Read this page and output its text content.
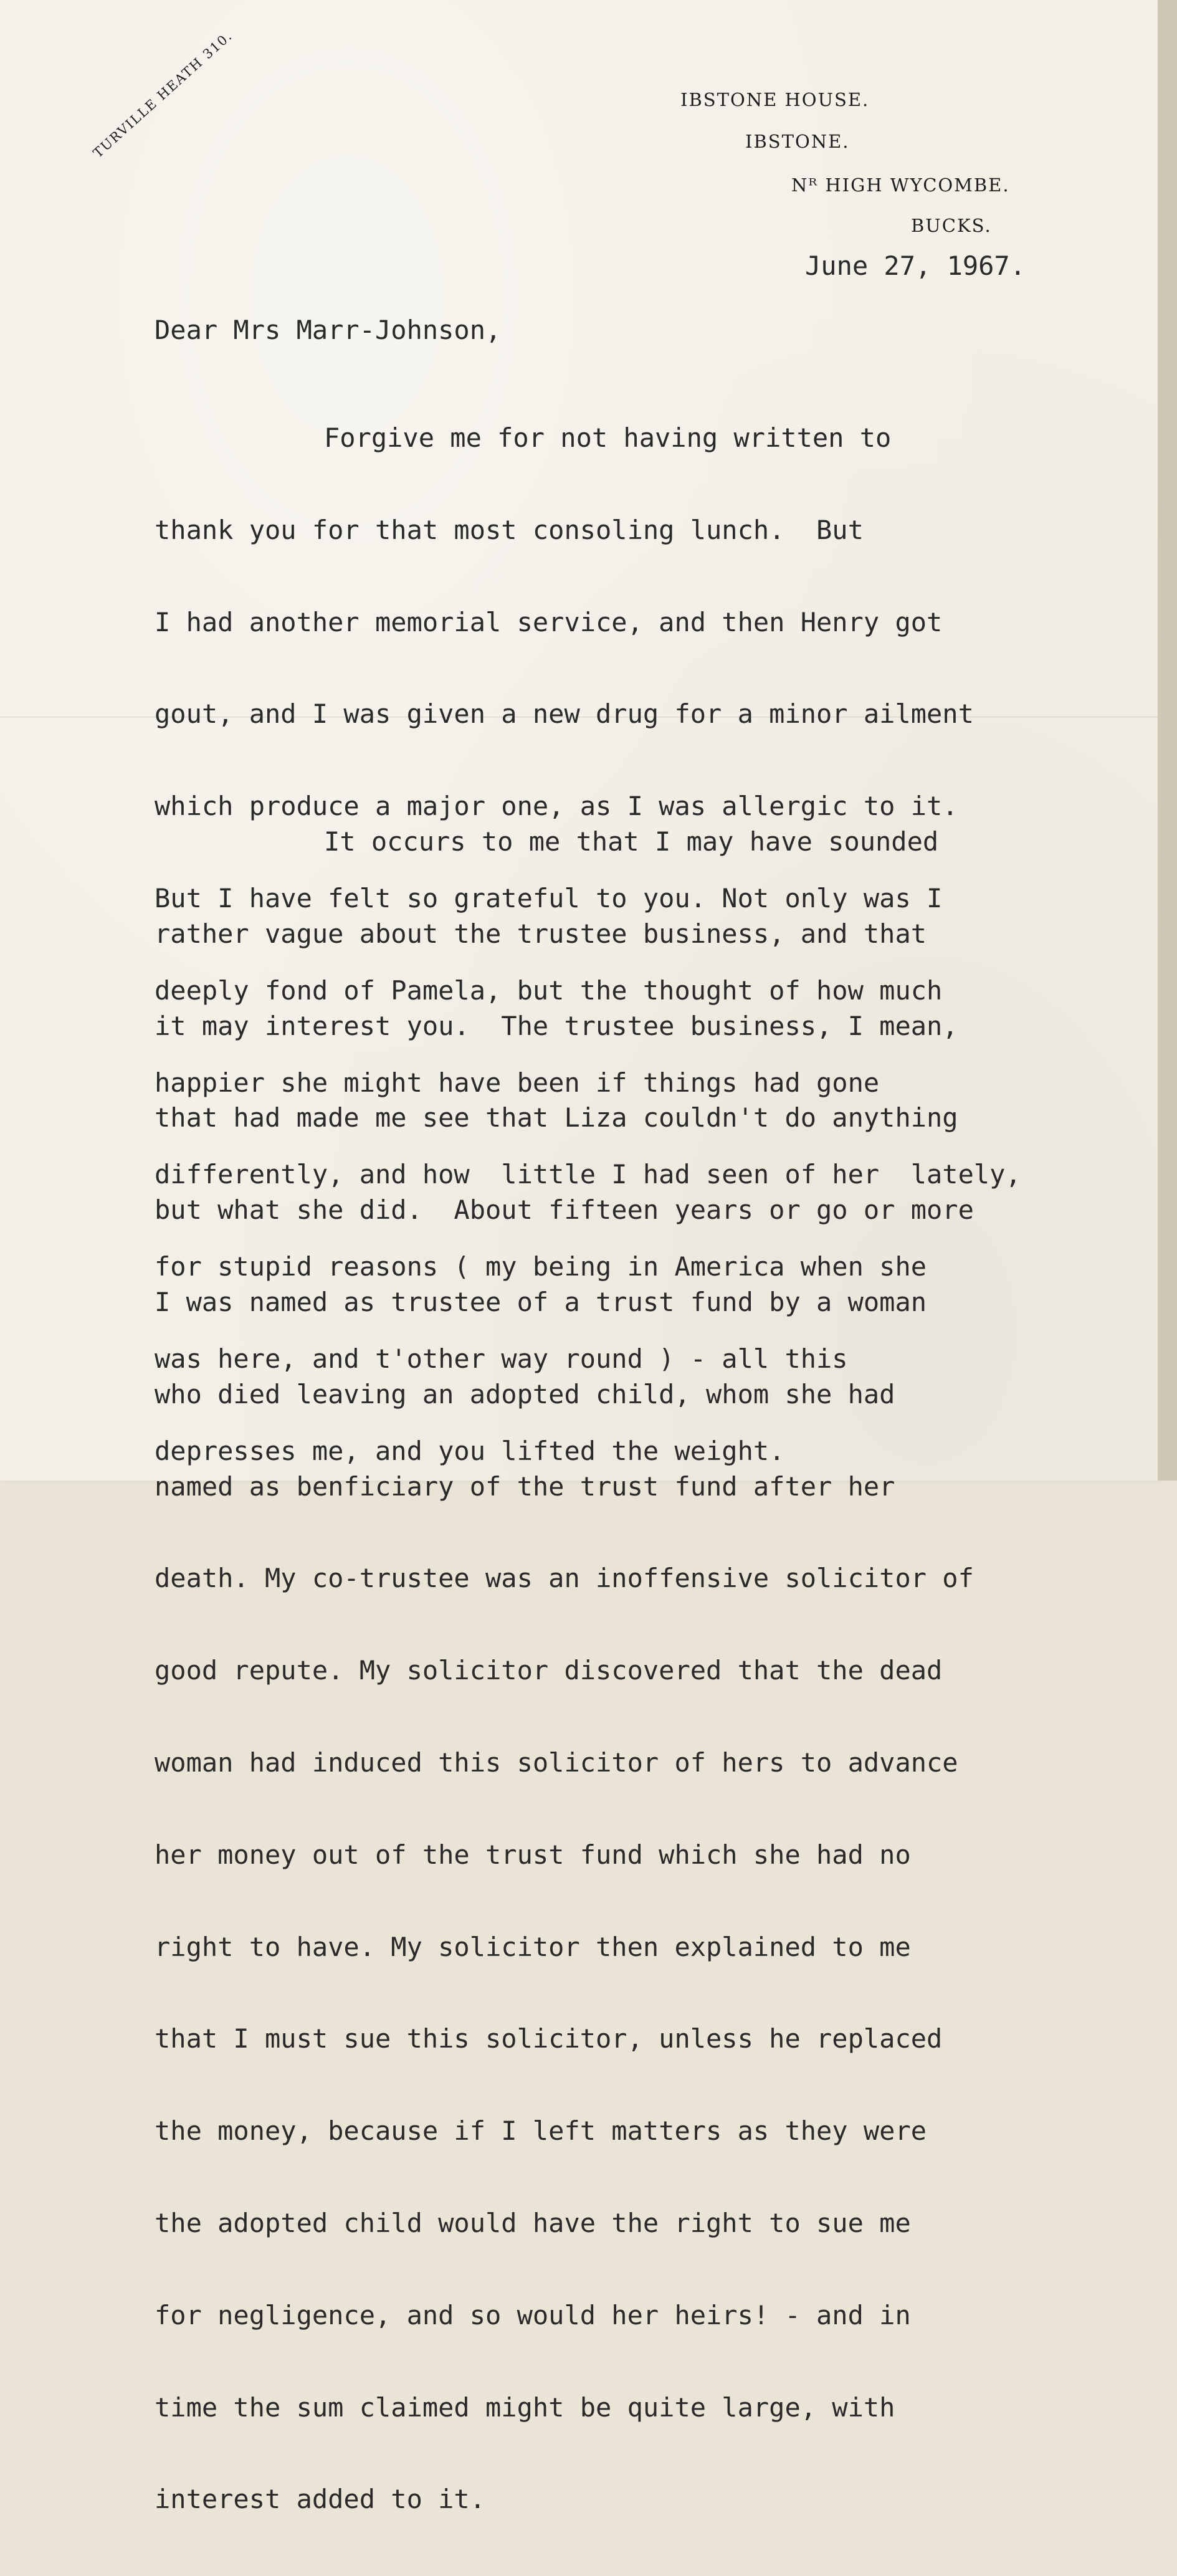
TURVILLE HEATH 310.	IBSTONE HOUSE.
IBSTONE.
Nᴿ HIGH WYCOMBE.
BUCKS.
June 27, 1967.
Dear Mrs Marr-Johnson,

Forgive me for not having written to

thank you for that most consoling lunch.  But

I had another memorial service, and then Henry got

gout, and I was given a new drug for a minor ailment

which produce a major one, as I was allergic to it.

But I have felt so grateful to you. Not only was I

deeply fond of Pamela, but the thought of how much

happier she might have been if things had gone

differently, and how  little I had seen of her  lately,

for stupid reasons ( my being in America when she

was here, and t'other way round ) - all this

depresses me, and you lifted the weight.

It occurs to me that I may have sounded

rather vague about the trustee business, and that

it may interest you.  The trustee business, I mean,

that had made me see that Liza couldn't do anything

but what she did.  About fifteen years or go or more

I was named as trustee of a trust fund by a woman

who died leaving an adopted child, whom she had

named as benficiary of the trust fund after her

death. My co-trustee was an inoffensive solicitor of

good repute. My solicitor discovered that the dead

woman had induced this solicitor of hers to advance

her money out of the trust fund which she had no

right to have. My solicitor then explained to me

that I must sue this solicitor, unless he replaced

the money, because if I left matters as they were

the adopted child would have the right to sue me

for negligence, and so would her heirs! - and in

time the sum claimed might be quite large, with

interest added to it.
